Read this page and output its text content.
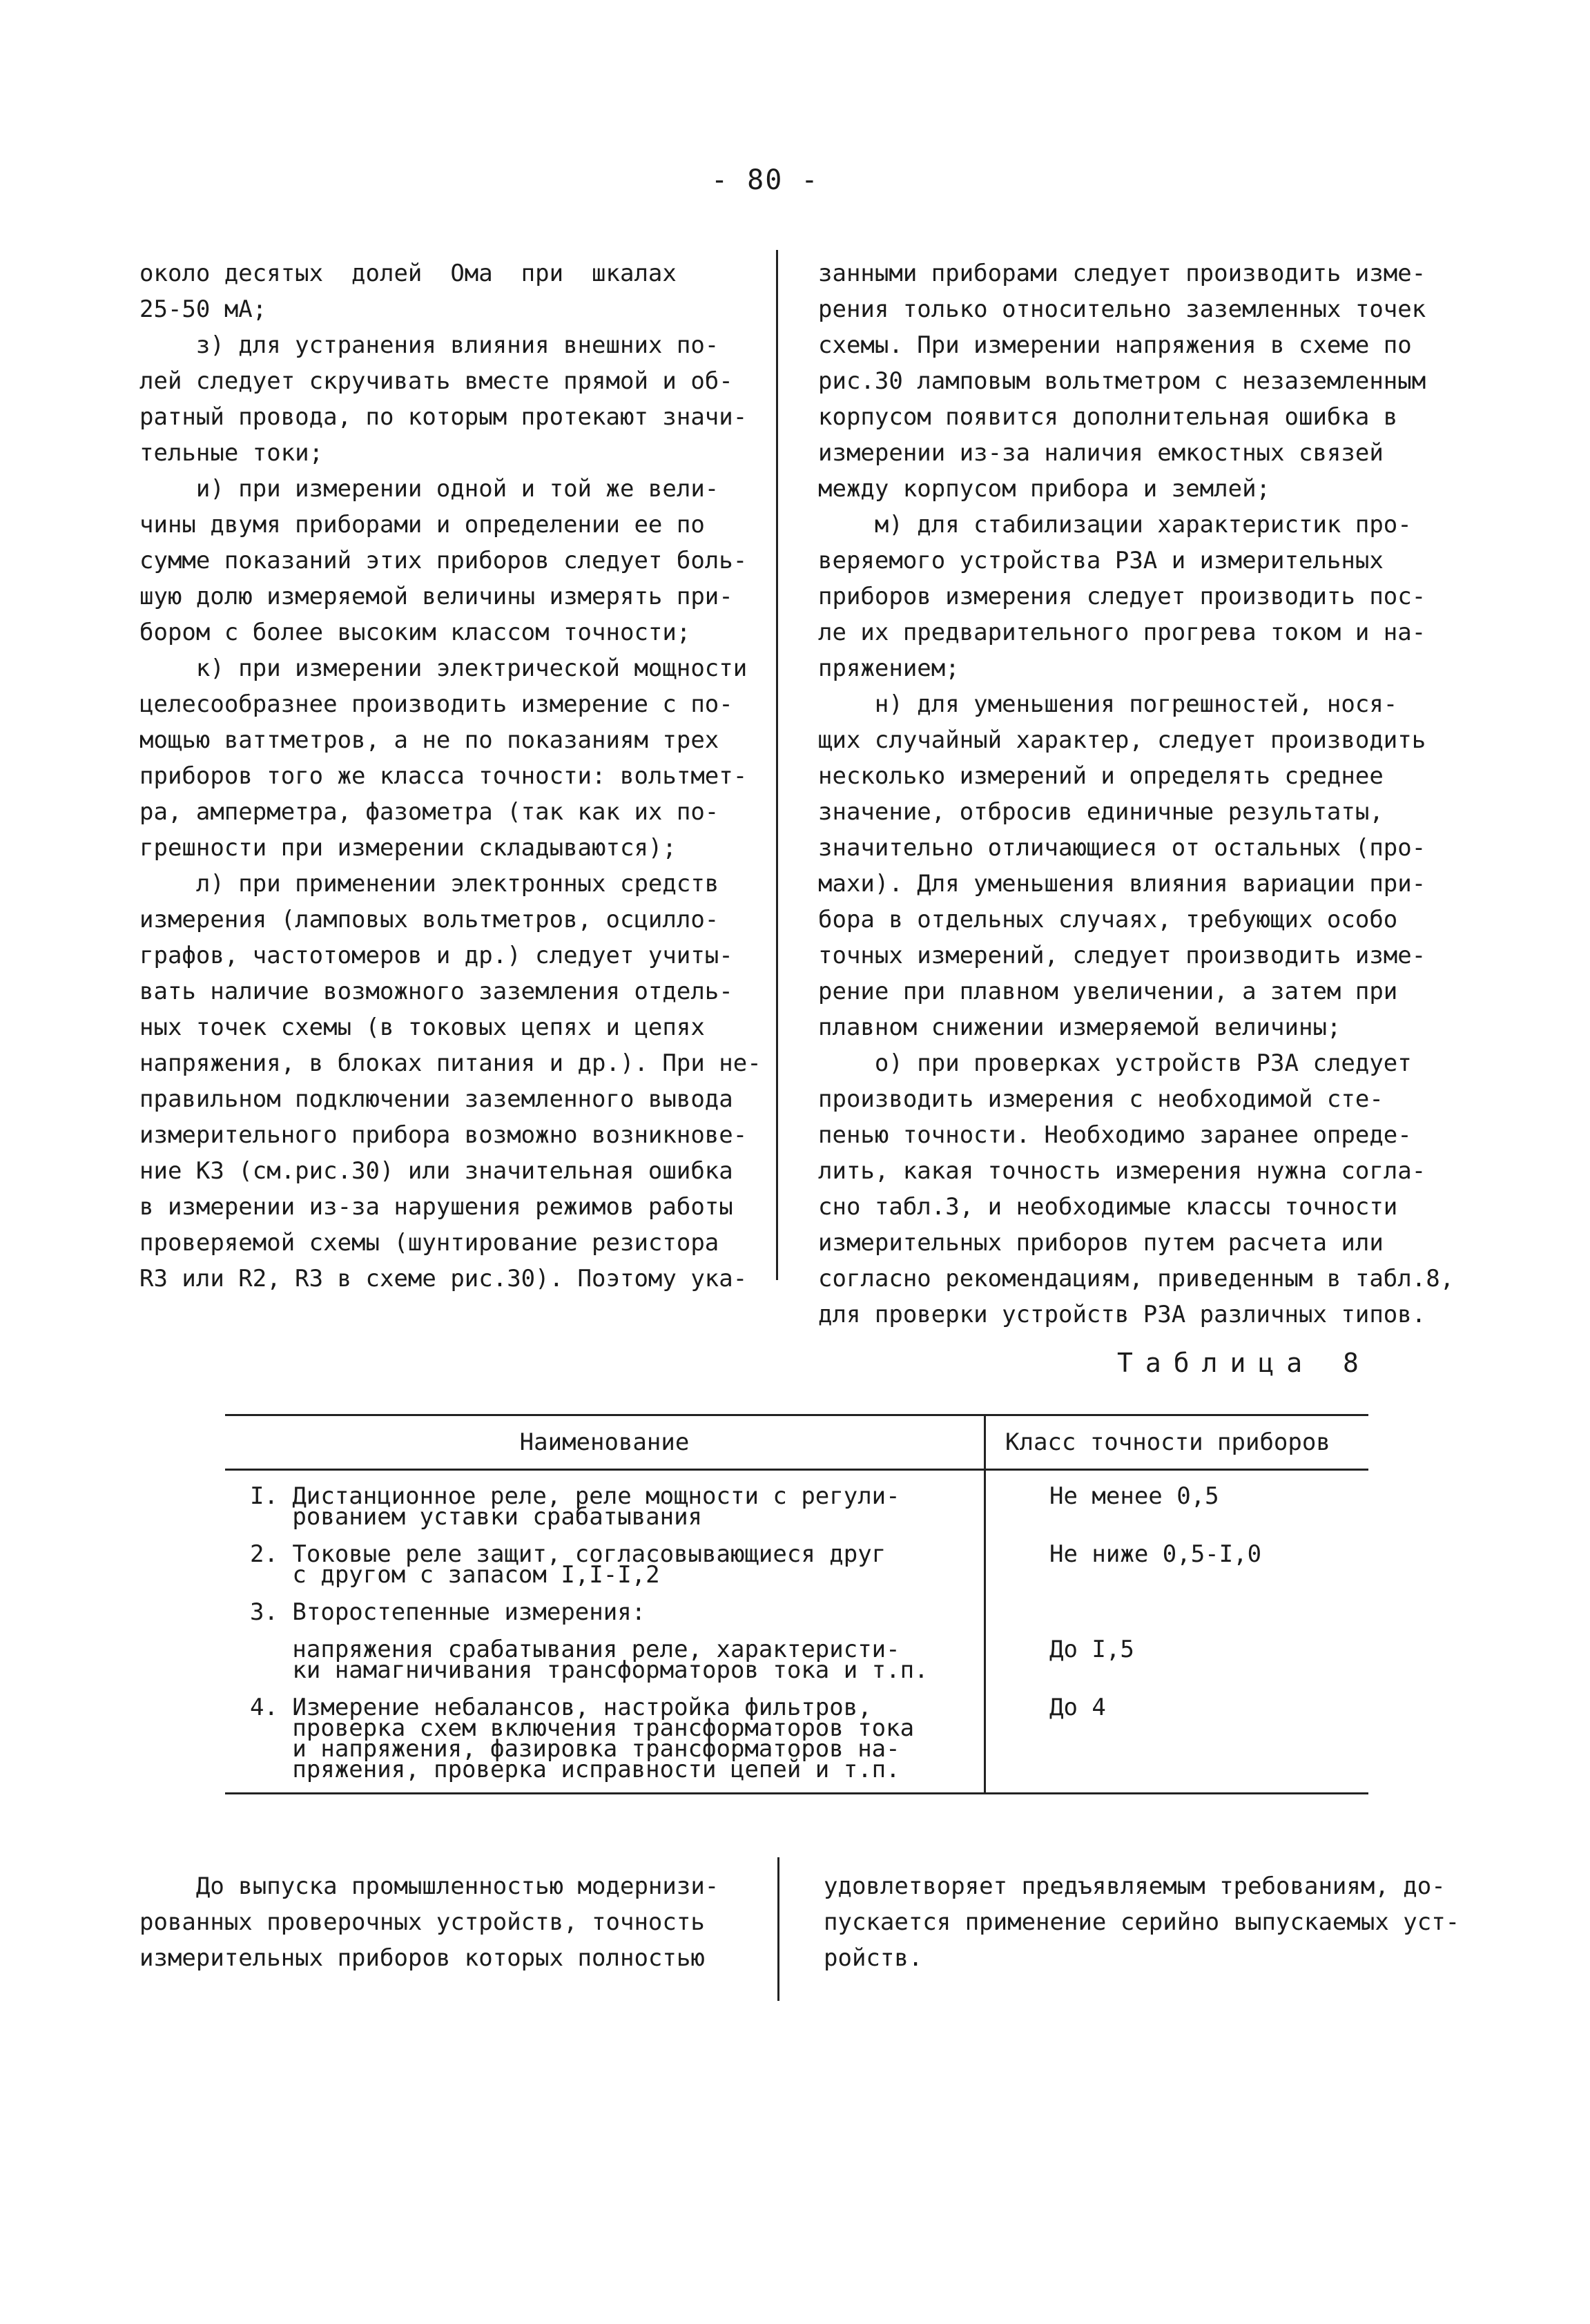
- 80 -

около десятых  долей  Ома  при  шкалах
25-50 мА;

з) для устранения влияния внешних по-
лей следует скручивать вместе прямой и об-
ратный провода, по которым протекают значи-
тельные токи;

и) при измерении одной и той же вели-
чины двумя приборами и определении ее по
сумме показаний этих приборов следует боль-
шую долю измеряемой величины измерять при-
бором с более высоким классом точности;

к) при измерении электрической мощности
целесообразнее производить измерение с по-
мощью ваттметров, а не по показаниям трех
приборов того же класса точности: вольтмет-
ра, амперметра, фазометра (так как их по-
грешности при измерении складываются);

л) при применении электронных средств
измерения (ламповых вольтметров, осцилло-
графов, частотомеров и др.) следует учиты-
вать наличие возможного заземления отдель-
ных точек схемы (в токовых цепях и цепях
напряжения, в блоках питания и др.). При не-
правильном подключении заземленного вывода
измерительного прибора возможно возникнове-
ние КЗ (см.рис.30) или значительная ошибка
в измерении из-за нарушения режимов работы
проверяемой схемы (шунтирование резистора
R3 или R2, R3 в схеме рис.30). Поэтому ука-

занными приборами следует производить изме-
рения только относительно заземленных точек
схемы. При измерении напряжения в схеме по
рис.30 ламповым вольтметром с незаземленным
корпусом появится дополнительная ошибка в
измерении из-за наличия емкостных связей
между корпусом прибора и землей;

м) для стабилизации характеристик про-
веряемого устройства РЗА и измерительных
приборов измерения следует производить пос-
ле их предварительного прогрева током и на-
пряжением;

н) для уменьшения погрешностей, нося-
щих случайный характер, следует производить
несколько измерений и определять среднее
значение, отбросив единичные результаты,
значительно отличающиеся от остальных (про-
махи). Для уменьшения влияния вариации при-
бора в отдельных случаях, требующих особо
точных измерений, следует производить изме-
рение при плавном увеличении, а затем при
плавном снижении измеряемой величины;

о) при проверках устройств РЗА следует
производить измерения с необходимой сте-
пенью точности. Необходимо заранее опреде-
лить, какая точность измерения нужна согла-
сно табл.3, и необходимые классы точности
измерительных приборов путем расчета или
согласно рекомендациям, приведенным в табл.8,
для проверки устройств РЗА различных типов.

Таблица 8
Наименование	Класс точности приборов

I. Дистанционное реле, реле мощности с регули-
рованием уставки срабатывания	Не менее 0,5

2. Токовые реле защит, согласовывающиеся друг
с другом с запасом I,I-I,2	Не ниже 0,5-I,0

3. Второстепенные измерения:	

напряжения срабатывания реле, характеристи-
ки намагничивания трансформаторов тока и т.п.	До I,5

4. Измерение небалансов, настройка фильтров,
проверка схем включения трансформаторов тока
и напряжения, фазировка трансформаторов на-
пряжения, проверка исправности цепей и т.п.	До 4

До выпуска промышленностью модернизи-
рованных проверочных устройств, точность
измерительных приборов которых полностью

удовлетворяет предъявляемым требованиям, до-
пускается применение серийно выпускаемых уст-
ройств.
